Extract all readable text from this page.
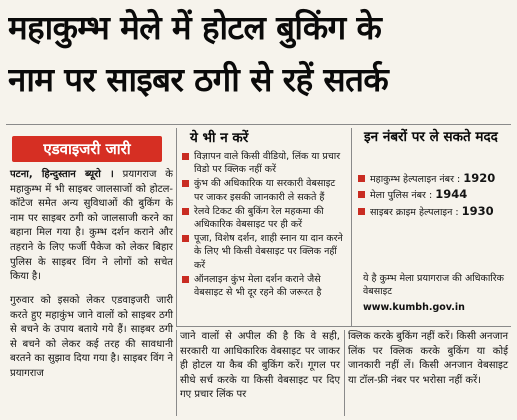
महाकुम्भ मेले में होटल बुकिंग के
नाम पर साइबर ठगी से रहें सतर्क
एडवाइजरी जारी
पटना, हिन्दुस्तान ब्यूरो । प्रयागराज के महाकुम्भ में भी साइबर जालसाजों को होटल-कॉटेज समेत अन्य सुविधाओं की बुकिंग के नाम पर साइबर ठगी को जालसाजी करने का बहाना मिल गया है। कुम्भ दर्शन कराने और तहराने के लिए फर्जी पैकेज को लेकर बिहार पुलिस के साइबर विंग ने लोगों को सचेत किया है।
गुरुवार को इसको लेकर एडवाइजरी जारी करते हुए महाकुंभ जाने वालों को साइबर ठगी से बचने के उपाय बताये गये हैं। साइबर ठगी से बचने को लेकर कई तरह की सावधानी बरतने का सुझाव दिया गया है। साइबर विंग ने प्रयागराज
ये भी न करें
विज्ञापन वाले किसी वीडियो, लिंक या प्रचार विडो पर क्लिक नहीं करें
कुंभ की अधिकारिक या सरकारी वेबसाइट पर जाकर इसकी जानकारी ले सकते हैं
रेलवे टिकट की बुकिंग रेल महकमा की अधिकारिक वेबसाइट पर ही करें
पूजा, विशेष दर्शन, शाही स्नान या दान करने के लिए भी किसी वेबसाइट पर क्लिक नहीं करें
ऑनलाइन कुंभ मेला दर्शन कराने जैसे वेबसाइट से भी दूर रहने की जरूरत है
इन नंबरों पर ले सकते मदद
महाकुम्भ हेल्पलाइन नंबर : 1920
मेला पुलिस नंबर : 1944
साइबर क्राइम हेल्पलाइन : 1930
ये है कुम्भ मेला प्रयागराज की अधिकारिक वेबसाइट
www.kumbh.gov.in
जाने वालों से अपील की है कि वे सही, सरकारी या आधिकारिक वेबसाइट पर जाकर ही होटल या कैब की बुकिंग करें। गूगल पर सीधे सर्च करके या किसी वेबसाइट पर दिए गए प्रचार लिंक पर
क्लिक करके बुकिंग नहीं करें। किसी अनजान लिंक पर क्लिक करके बुकिंग या कोई जानकारी नहीं लें। किसी अनजान वेबसाइट या टॉल-फ्री नंबर पर भरोसा नहीं करें।
